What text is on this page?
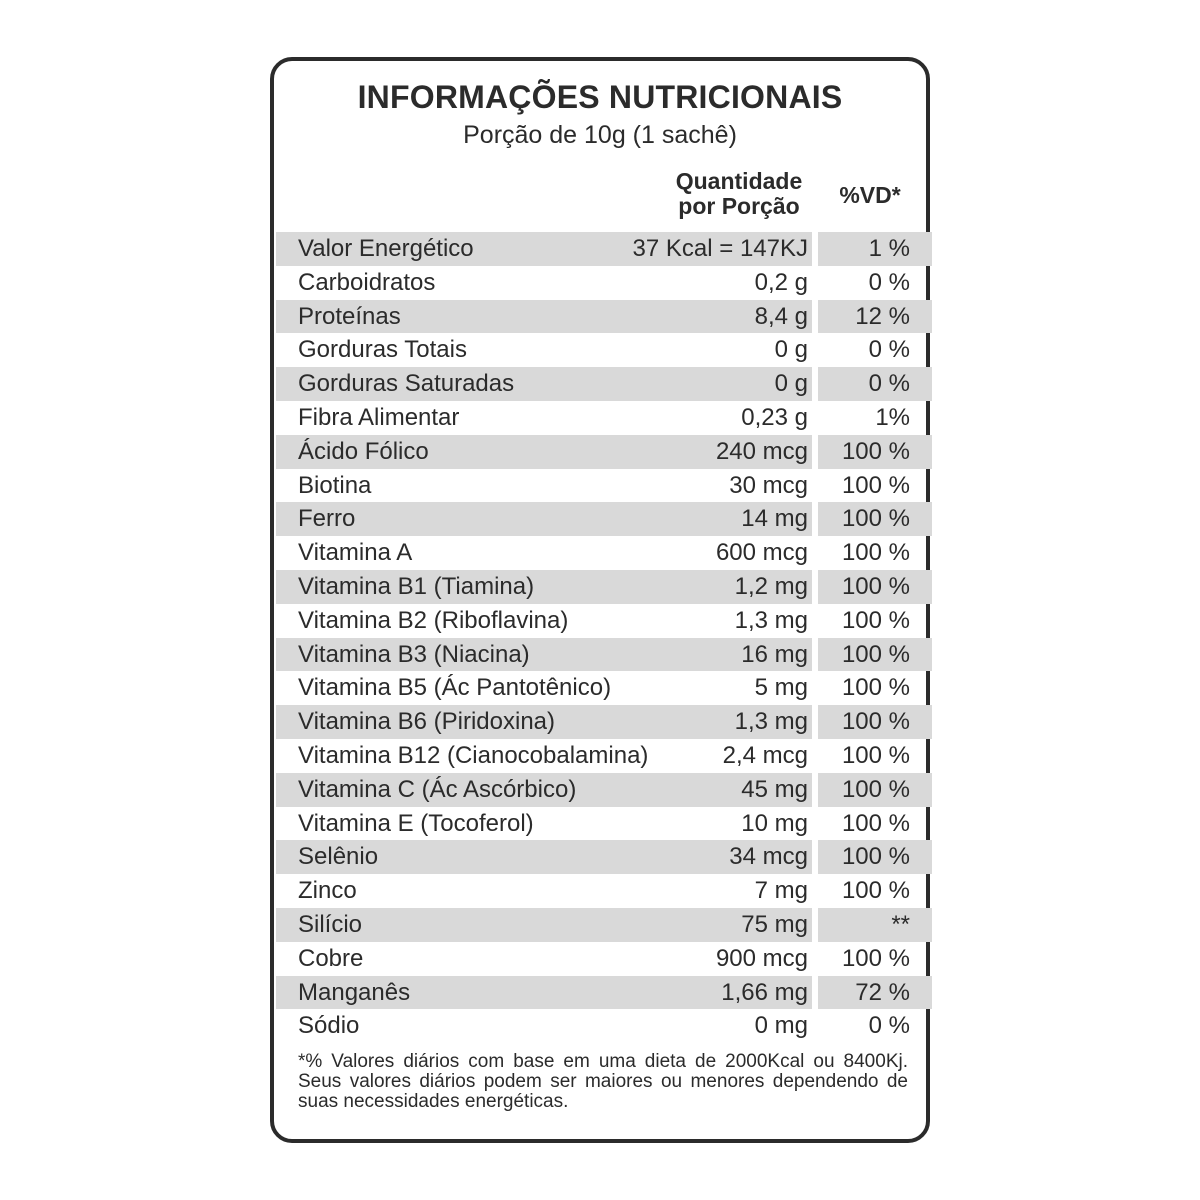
INFORMAÇÕES NUTRICIONAIS
Porção de 10g (1 sachê)
Quantidade
por Porção	%VD*
Valor Energético	37 Kcal = 147KJ	1 %
Carboidratos	0,2 g	0 %
Proteínas	8,4 g 12 %
Gorduras Totais	0 g	0 %
Gorduras Saturadas	0 g	0 %
Fibra Alimentar	0,23 g	1%
Ácido Fólico	240 mcg 100 %
Biotina	30 mcg 100 %
Ferro	14 mg 100 %
Vitamina A	600 mcg 100 %
Vitamina B1 (Tiamina)	1,2 mg 100 %
Vitamina B2 (Riboflavina)	1,3 mg 100 %
Vitamina B3 (Niacina)	16 mg 100 %
Vitamina B5 (Ác Pantotênico)	5 mg 100 %
Vitamina B6 (Piridoxina)	1,3 mg 100 %
Vitamina B12 (Cianocobalamina)	2,4 mcg 100 %
Vitamina C (Ác Ascórbico)	45 mg 100 %
Vitamina E (Tocoferol)	10 mg 100 %
Selênio	34 mcg 100 %
Zinco	7 mg 100 %
Silício	75 mg	**
Cobre	900 mcg 100 %
Manganês	1,66 mg 72 %
Sódio	0 mg	0 %
*% Valores diários com base em uma dieta de 2000Kcal ou 8400Kj. Seus valores diários podem ser maiores ou menores dependendo de suas necessidades energéticas.
